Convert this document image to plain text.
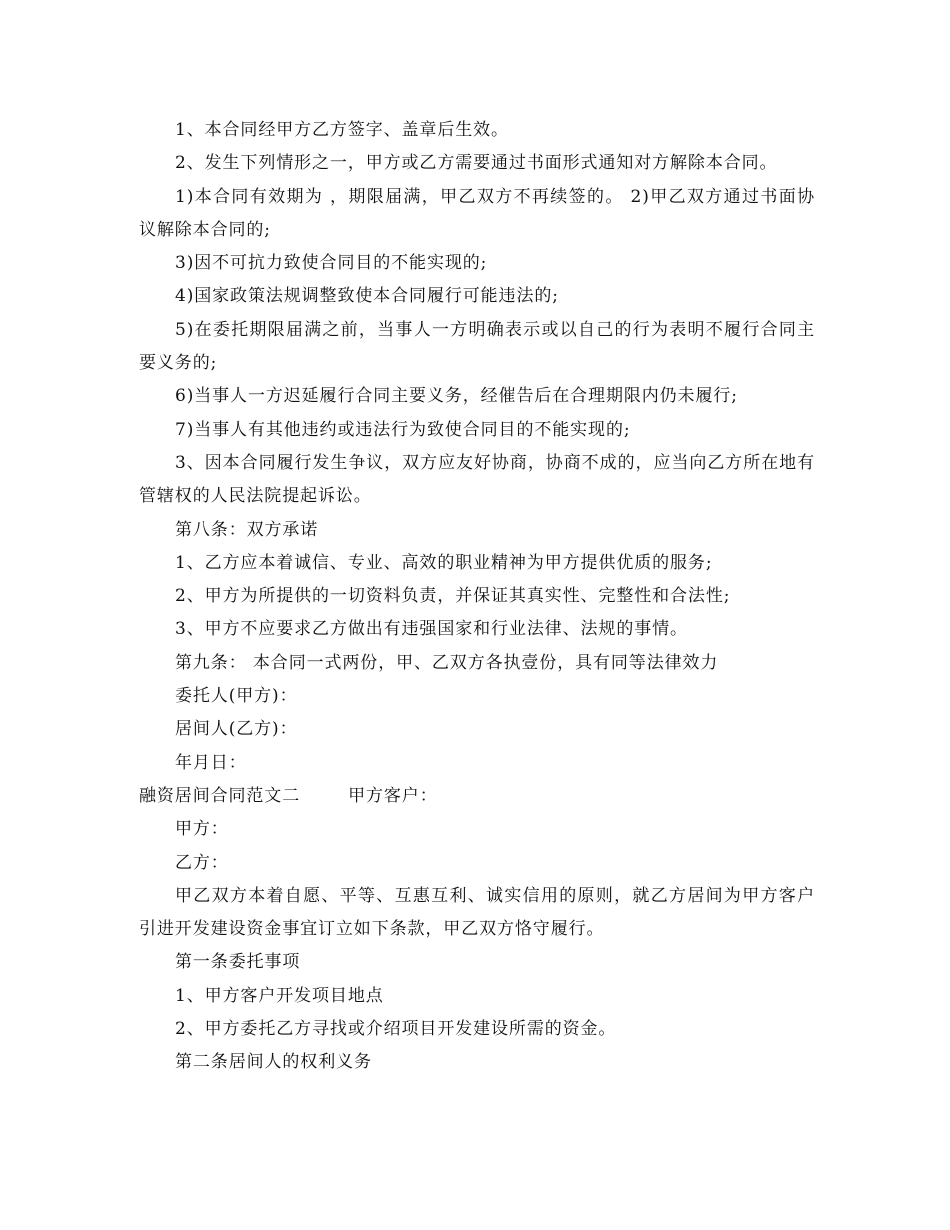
1、本合同经甲方乙方签字、盖章后生效。

2、发生下列情形之一，甲方或乙方需要通过书面形式通知对方解除本合同。

1)本合同有效期为 ，期限届满，甲乙双方不再续签的。 2)甲乙双方通过书面协议解除本合同的;

3)因不可抗力致使合同目的不能实现的;

4)国家政策法规调整致使本合同履行可能违法的;

5)在委托期限届满之前，当事人一方明确表示或以自己的行为表明不履行合同主要义务的;

6)当事人一方迟延履行合同主要义务，经催告后在合理期限内仍未履行;

7)当事人有其他违约或违法行为致使合同目的不能实现的;

3、因本合同履行发生争议，双方应友好协商，协商不成的，应当向乙方所在地有管辖权的人民法院提起诉讼。

第八条：双方承诺

1、乙方应本着诚信、专业、高效的职业精神为甲方提供优质的服务;

2、甲方为所提供的一切资料负责，并保证其真实性、完整性和合法性;

3、甲方不应要求乙方做出有违强国家和行业法律、法规的事情。

第九条： 本合同一式两份，甲、乙双方各执壹份，具有同等法律效力

委托人(甲方)：

居间人(乙方)：

年月日：

融资居间合同范文二	甲方客户：

甲方：

乙方：

甲乙双方本着自愿、平等、互惠互利、诚实信用的原则，就乙方居间为甲方客户引进开发建设资金事宜订立如下条款，甲乙双方恪守履行。

第一条委托事项

1、甲方客户开发项目地点

2、甲方委托乙方寻找或介绍项目开发建设所需的资金。

第二条居间人的权利义务
